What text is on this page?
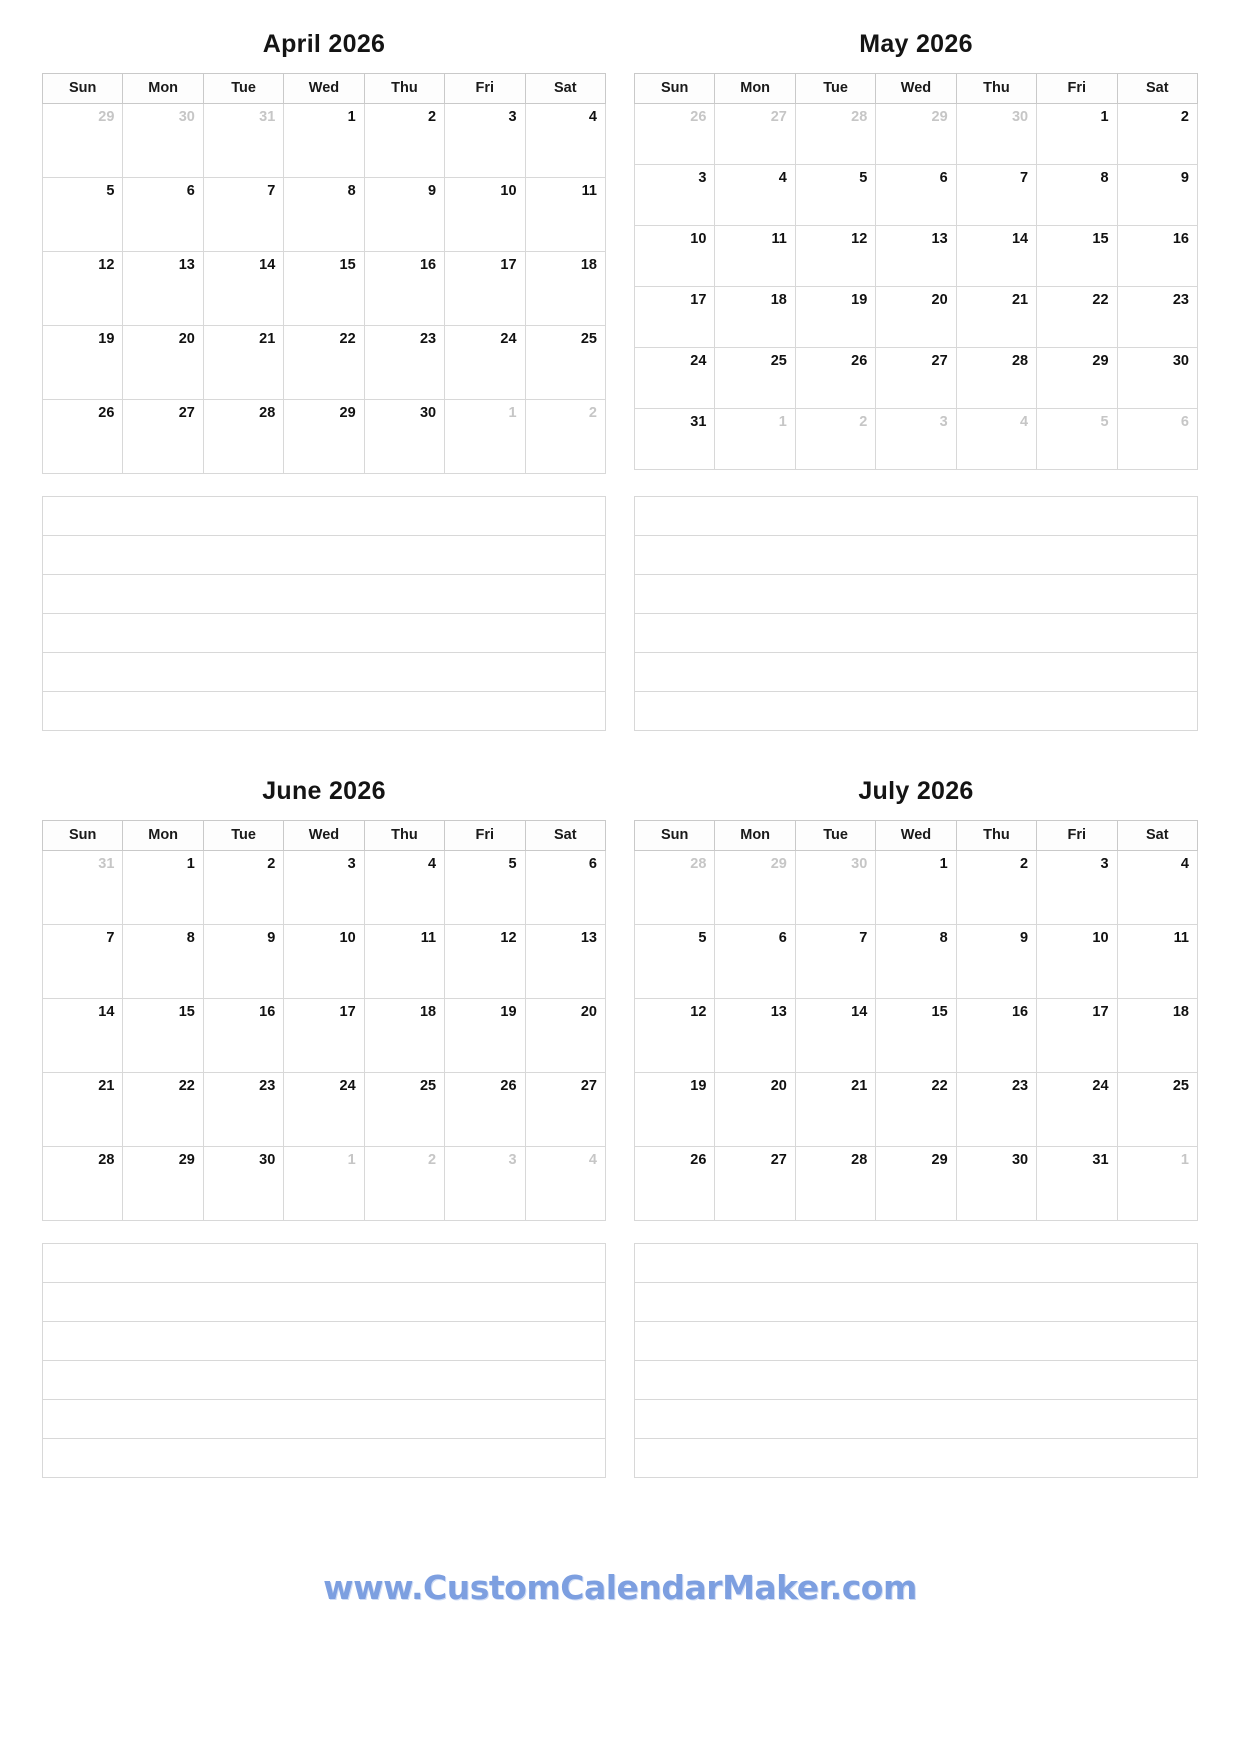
April 2026
Sun	Mon	Tue	Wed	Thu	Fri	Sat
29	30	31	1	2	3	4
5	6	7	8	9	10	11
12	13	14	15	16	17	18
19	20	21	22	23	24	25
26	27	28	29	30	1	2
May 2026
Sun	Mon	Tue	Wed	Thu	Fri	Sat
26	27	28	29	30	1	2
3	4	5	6	7	8	9
10	11	12	13	14	15	16
17	18	19	20	21	22	23
24	25	26	27	28	29	30
31	1	2	3	4	5	6

June 2026
Sun	Mon	Tue	Wed	Thu	Fri	Sat
31	1	2	3	4	5	6
7	8	9	10	11	12	13
14	15	16	17	18	19	20
21	22	23	24	25	26	27
28	29	30	1	2	3	4
July 2026
Sun	Mon	Tue	Wed	Thu	Fri	Sat
28	29	30	1	2	3	4
5	6	7	8	9	10	11
12	13	14	15	16	17	18
19	20	21	22	23	24	25
26	27	28	29	30	31	1

www.CustomCalendarMaker.com
